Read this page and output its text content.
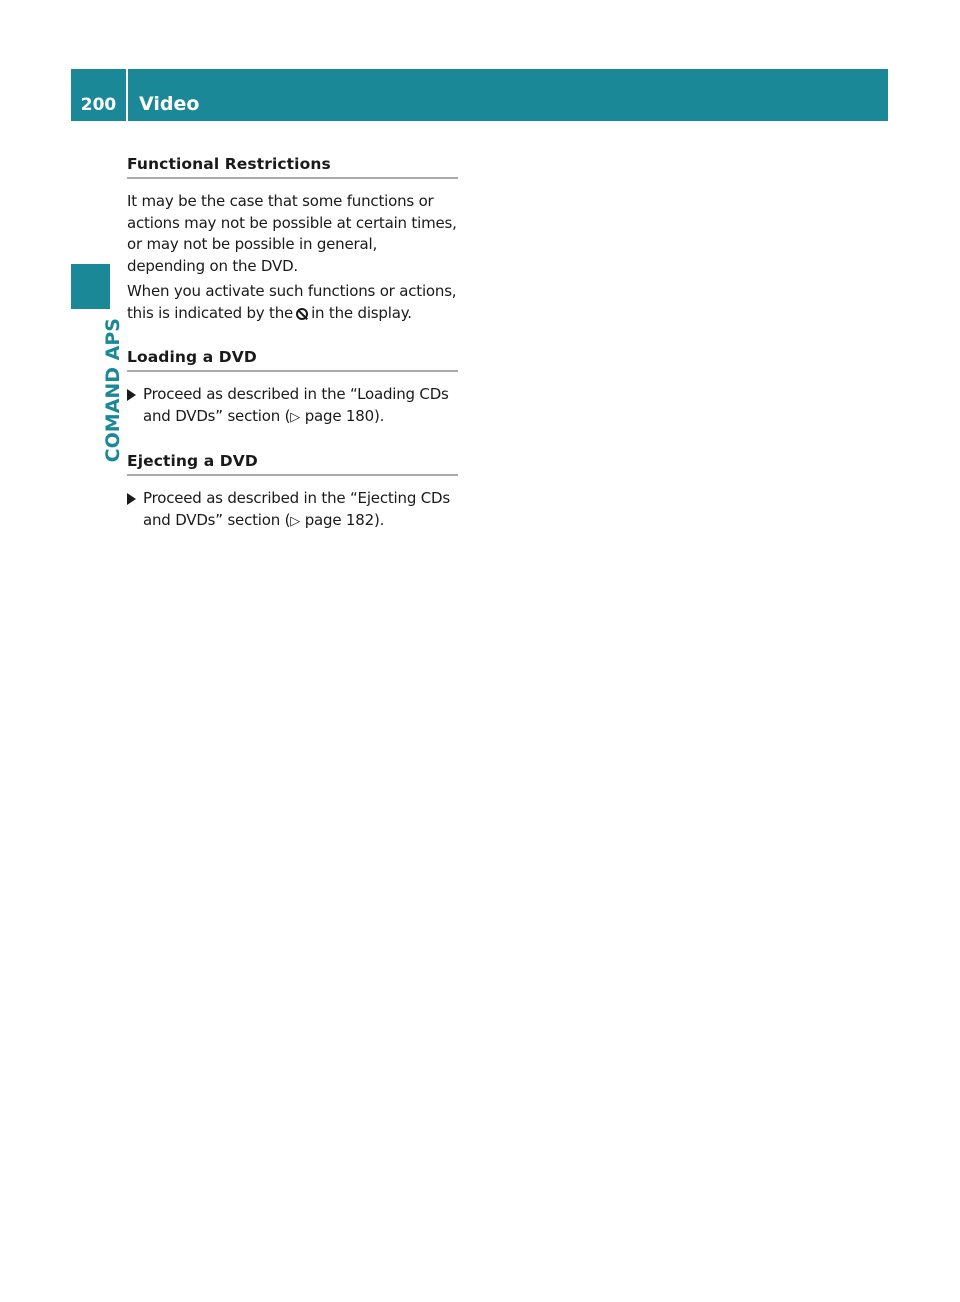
200	Video
COMAND APS
Functional Restrictions

It may be the case that some functions or actions may not be possible at certain times, or may not be possible in general, depending on the DVD.

When you activate such functions or actions, this is indicated by the in the display.

Loading a DVD
Proceed as described in the “Loading CDs and DVDs” section (▷ page 180).
Ejecting a DVD
Proceed as described in the “Ejecting CDs and DVDs” section (▷ page 182).
